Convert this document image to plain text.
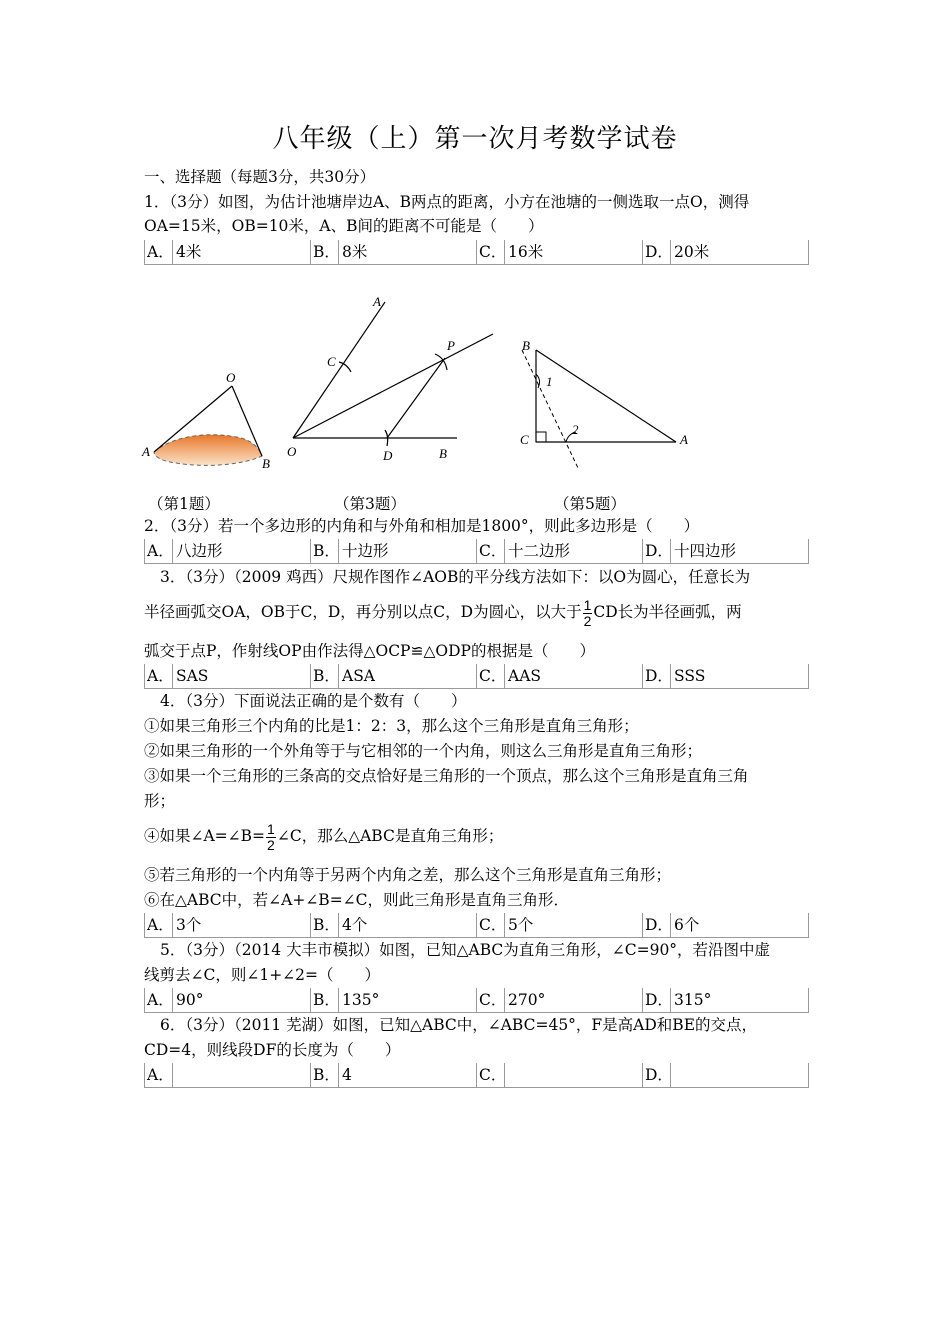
八年级（上）第一次月考数学试卷
一、选择题（每题3分，共30分）
1．（3分）如图，为估计池塘岸边A、B两点的距离，小方在池塘的一侧选取一点O，测得
OA=15米，OB=10米，A、B间的距离不可能是（　　）
A． 4米	B． 8米	C． 16米	D． 20米
O
A
B
A
C
P
O	D	B
B
1
C
2
A
（第1题）	（第3题）	（第5题）
2．（3分）若一个多边形的内角和与外角和相加是1800°，则此多边形是（　　）
A． 八边形	B． 十边形	C． 十二边形	D． 十四边形
3．（3分）（2009 鸡西）尺规作图作∠AOB的平分线方法如下：以O为圆心，任意长为
半径画弧交OA，OB于C，D，再分别以点C，D为圆心，以大于 $\frac{1}{2}$ CD长为半径画弧，两
弧交于点P，作射线OP由作法得△OCP≌△ODP的根据是（　　）
A． SAS	B． ASA	C． AAS	D． SSS
4．（3分）下面说法正确的是个数有（　　）
①如果三角形三个内角的比是1：2：3，那么这个三角形是直角三角形；
②如果三角形的一个外角等于与它相邻的一个内角，则这么三角形是直角三角形；
③如果一个三角形的三条高的交点恰好是三角形的一个顶点，那么这个三角形是直角三角
形；
④如果∠A=∠B= $\frac{1}{2}$ ∠C，那么△ABC是直角三角形；
⑤若三角形的一个内角等于另两个内角之差，那么这个三角形是直角三角形；
⑥在△ABC中，若∠A+∠B=∠C，则此三角形是直角三角形．
A． 3个	B． 4个	C． 5个	D． 6个
5．（3分）（2014 大丰市模拟）如图，已知△ABC为直角三角形，∠C=90°，若沿图中虚
线剪去∠C，则∠1+∠2=（　　）
A． 90°	B． 135°	C． 270°	D． 315°
6．（3分）（2011 芜湖）如图，已知△ABC中，∠ABC=45°，F是高AD和BE的交点，
CD=4，则线段DF的长度为（　　）
A．	B． 4	C．	D．
